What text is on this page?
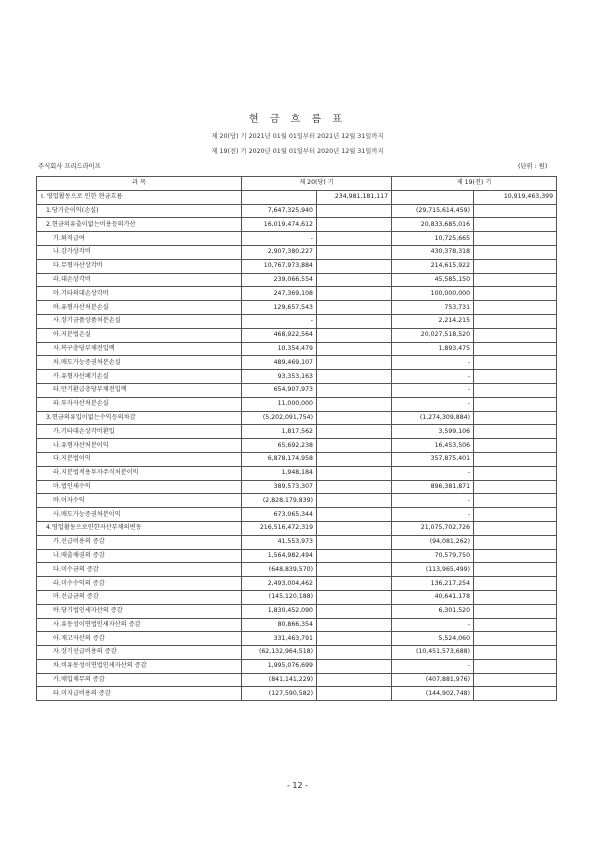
현 금 흐 름 표
제 20(당) 기 2021년 01월 01일부터 2021년 12월 31일까지
제 19(전) 기 2020년 01월 01일부터 2020년 12월 31일까지
주식회사 프리드라이프	(단위 : 원)
과 목	제 20(당) 기		제 19(전) 기	
I. 영업활동으로 인한 현금흐름		234,981,181,117		10,919,463,399
1.당기순이익(손실)	7,647,325,940		(29,715,614,459)	
2.현금의유출이없는비용등의가산	16,019,474,612		20,833,685,016	
가.퇴직급여	-		10,725,665	
나.감가상각비	2,907,380,227		430,378,318	
다.무형자산상각비	10,767,973,884		214,615,922	
라.대손상각비	239,066,554		45,585,150	
마.기타의대손상각비	247,369,108		100,000,000	
바.유형자산처분손실	129,657,543		753,731	
사.장기금품상품처분손실	-		2,214,215	
아.지분법손실	468,922,564		20,027,518,520	
자.복구충당부채전입액	10,354,479		1,893,475	
차.매도가능증권처분손실	489,469,107		-	
카.유형자산폐기손실	93,353,163		-	
타.만기환급충당부채전입액	654,907,973		-	
파.투자자산처분손실	11,000,000		-	
3.현금의유입이없는수익등의차감	(5,202,091,754)		(1,274,309,884)	
가.기타대손상각비환입	1,817,562		3,599,106	
나.유형자산처분이익	65,692,238		16,453,506	
다.지분법이익	6,878,174,958		357,875,401	
라.지분법적용투자주식처분이익	1,948,184		-	
마.법인세수익	389,573,307		896,381,871	
바.이자수익	(2,828,179,839)		-	
사.매도가능증권처분이익	673,065,344		-	
4.영업활동으로인한자산부채의변동	216,516,472,319		21,075,702,726	
가.선급비용의 증감	41,553,973		(94,081,262)	
나.매출채권의 증감	1,564,982,494		70,579,750	
다.미수금의 증감	(648,839,570)		(113,965,499)	
라.미수수익의 증감	2,493,004,462		136,217,254	
마.선급금의 증감	(145,120,188)		40,641,178	
바.당기법인세자산의 증감	1,830,452,090		6,301,520	
사.유동성이연법인세자산의 증감	80,866,354		-	
아.재고자산의 증감	331,463,791		5,524,060	
자.장기선급비용의 증감	(62,132,964,518)		(10,451,573,688)	
차.비유동성이연법인세자산의 증감	1,995,076,699		-	
카.매입채무의 증감	(841,141,229)		(407,881,976)	
타.미지급비용의 증감	(127,590,582)		(144,902,748)	
- 12 -
